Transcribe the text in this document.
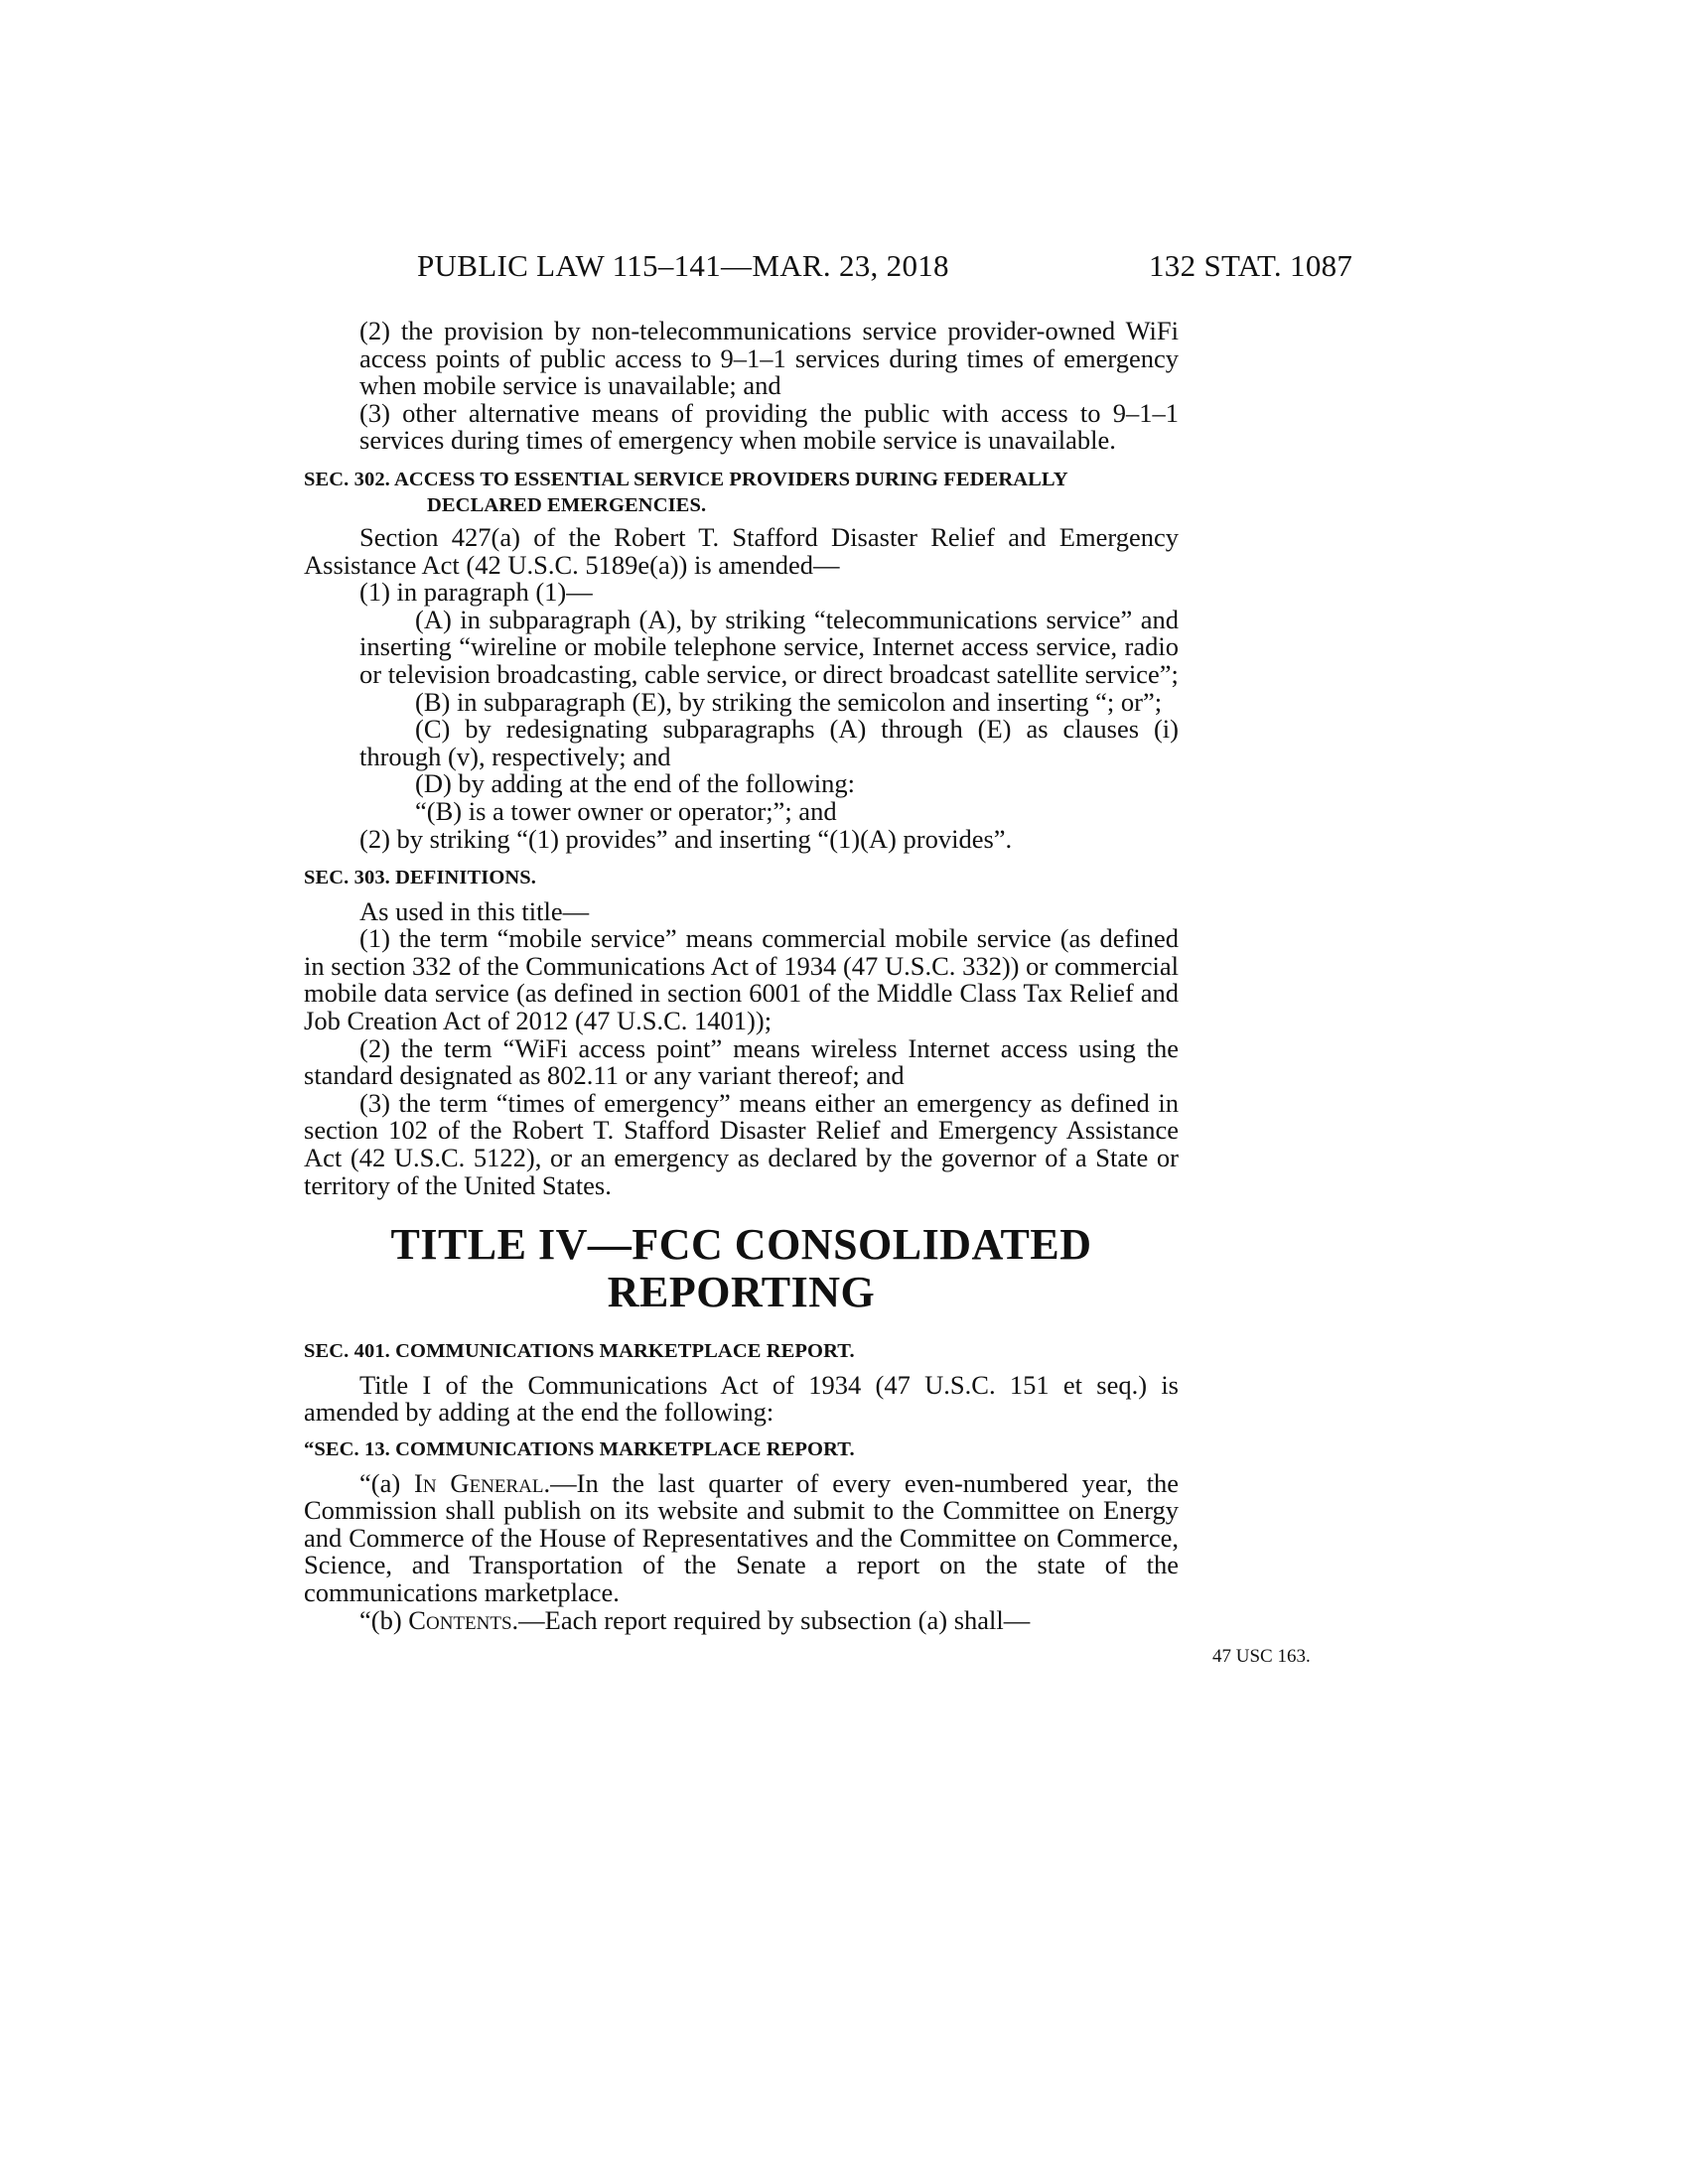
PUBLIC LAW 115–141—MAR. 23, 2018	132 STAT. 1087

(2) the provision by non-telecommunications service provider-owned WiFi access points of public access to 9–1–1 services during times of emergency when mobile service is unavailable; and

(3) other alternative means of providing the public with access to 9–1–1 services during times of emergency when mobile service is unavailable.

SEC. 302. ACCESS TO ESSENTIAL SERVICE PROVIDERS DURING FEDERALLY DECLARED EMERGENCIES.

Section 427(a) of the Robert T. Stafford Disaster Relief and Emergency Assistance Act (42 U.S.C. 5189e(a)) is amended—

(1) in paragraph (1)—

(A) in subparagraph (A), by striking “telecommunications service” and inserting “wireline or mobile telephone service, Internet access service, radio or television broadcasting, cable service, or direct broadcast satellite service”;

(B) in subparagraph (E), by striking the semicolon and inserting “; or”;

(C) by redesignating subparagraphs (A) through (E) as clauses (i) through (v), respectively; and

(D) by adding at the end of the following:

“(B) is a tower owner or operator;”; and

(2) by striking “(1) provides” and inserting “(1)(A) provides”.

SEC. 303. DEFINITIONS.

As used in this title—

(1) the term “mobile service” means commercial mobile service (as defined in section 332 of the Communications Act of 1934 (47 U.S.C. 332)) or commercial mobile data service (as defined in section 6001 of the Middle Class Tax Relief and Job Creation Act of 2012 (47 U.S.C. 1401));

(2) the term “WiFi access point” means wireless Internet access using the standard designated as 802.11 or any variant thereof; and

(3) the term “times of emergency” means either an emergency as defined in section 102 of the Robert T. Stafford Disaster Relief and Emergency Assistance Act (42 U.S.C. 5122), or an emergency as declared by the governor of a State or territory of the United States.

TITLE IV—FCC CONSOLIDATED
REPORTING
SEC. 401. COMMUNICATIONS MARKETPLACE REPORT.

Title I of the Communications Act of 1934 (47 U.S.C. 151 et seq.) is amended by adding at the end the following:

“SEC. 13. COMMUNICATIONS MARKETPLACE REPORT.

“(a) In General.—In the last quarter of every even-numbered year, the Commission shall publish on its website and submit to the Committee on Energy and Commerce of the House of Representatives and the Committee on Commerce, Science, and Transportation of the Senate a report on the state of the communications marketplace.

“(b) Contents.—Each report required by subsection (a) shall—

47 USC 163.
